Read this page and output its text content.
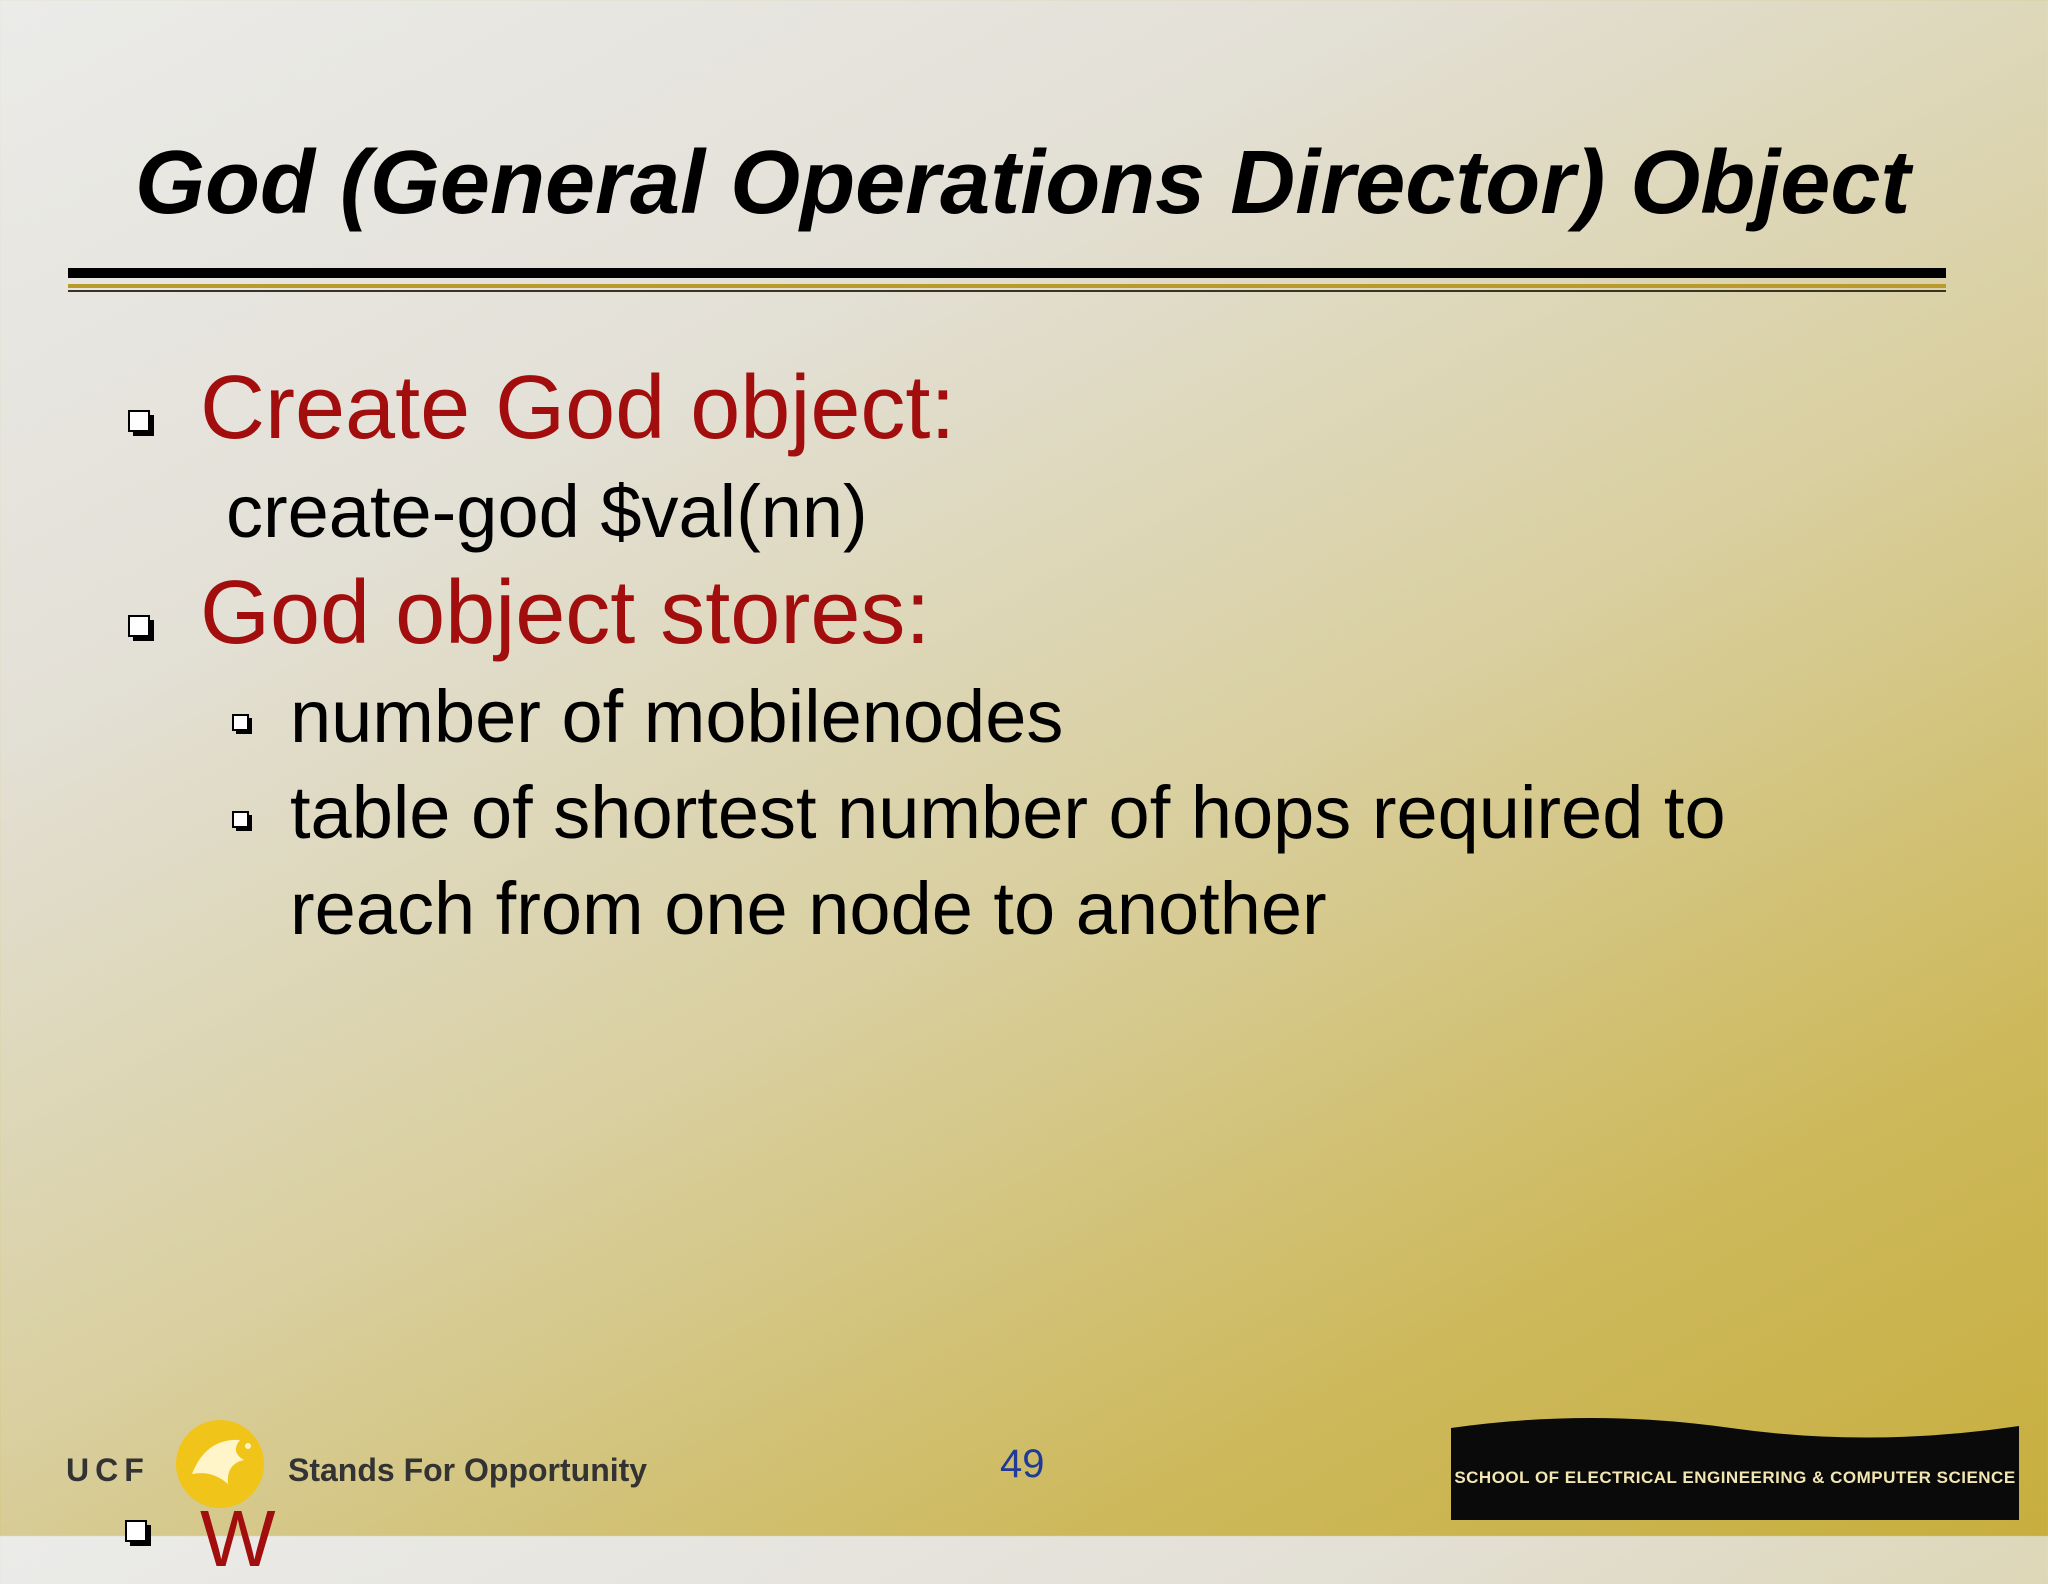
God (General Operations Director) Object

Create God object:

create-god $val(nn)

God object stores:

number of mobilenodes

table of shortest number of hops required to

reach from one node to another

UCF	Stands For Opportunity	49	SCHOOL OF ELECTRICAL ENGINEERING & COMPUTER SCIENCE
W
